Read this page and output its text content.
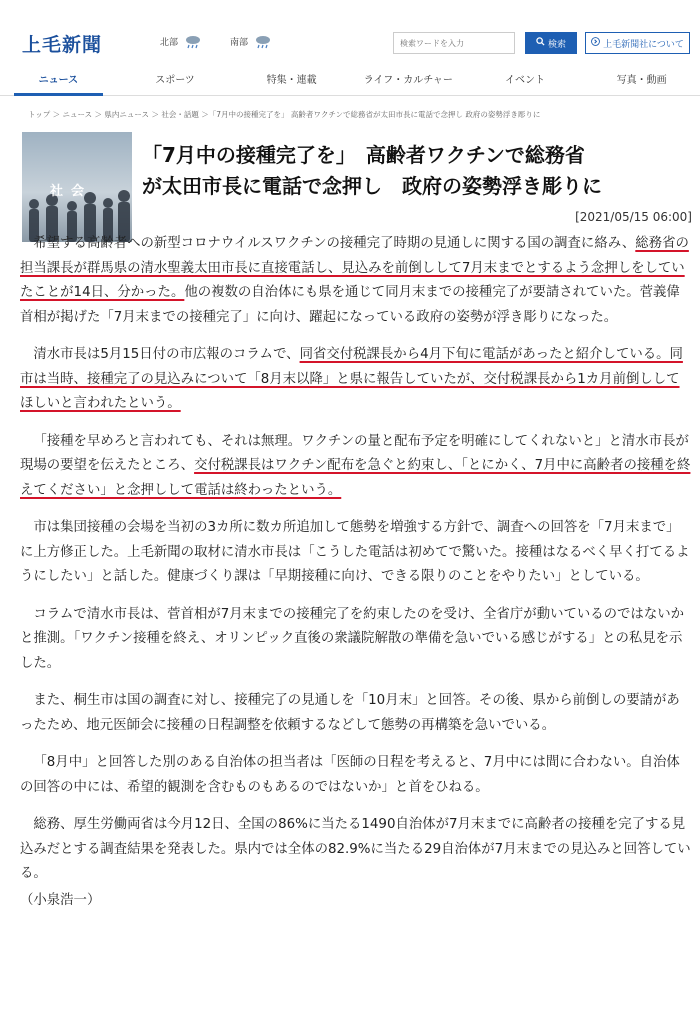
上毛新聞	北部	南部
検索ワードを入力	検索	上毛新聞社について
ニュース	スポーツ	特集・連載	ライフ・カルチャー	イベント	写真・動画
トップ ＞ ニュース ＞ 県内ニュース ＞ 社会・話題 ＞「7月中の接種完了を」 高齢者ワクチンで総務省が太田市長に電話で念押し 政府の姿勢浮き彫りに
社会
「7月中の接種完了を」　高齢者ワクチンで総務省
が太田市長に電話で念押し　政府の姿勢浮き彫りに
[2021/05/15 06:00]

希望する高齢者への新型コロナウイルスワクチンの接種完了時期の見通しに関する国の調査に絡み、総務省の担当課長が群馬県の清水聖義太田市長に直接電話し、見込みを前倒しして7月末までとするよう念押しをしていたことが14日、分かった。他の複数の自治体にも県を通じて同月末までの接種完了が要請されていた。菅義偉首相が掲げた「7月末までの接種完了」に向け、躍起になっている政府の姿勢が浮き彫りになった。

清水市長は5月15日付の市広報のコラムで、同省交付税課長から4月下旬に電話があったと紹介している。同市は当時、接種完了の見込みについて「8月末以降」と県に報告していたが、交付税課長から1カ月前倒ししてほしいと言われたという。

「接種を早めろと言われても、それは無理。ワクチンの量と配布予定を明確にしてくれないと」と清水市長が現場の要望を伝えたところ、交付税課長はワクチン配布を急ぐと約束し、「とにかく、7月中に高齢者の接種を終えてください」と念押しして電話は終わったという。

市は集団接種の会場を当初の3カ所に数カ所追加して態勢を増強する方針で、調査への回答を「7月末まで」に上方修正した。上毛新聞の取材に清水市長は「こうした電話は初めてで驚いた。接種はなるべく早く打てるようにしたい」と話した。健康づくり課は「早期接種に向け、できる限りのことをやりたい」としている。

コラムで清水市長は、菅首相が7月末までの接種完了を約束したのを受け、全省庁が動いているのではないかと推測。「ワクチン接種を終え、オリンピック直後の衆議院解散の準備を急いでいる感じがする」との私見を示した。

また、桐生市は国の調査に対し、接種完了の見通しを「10月末」と回答。その後、県から前倒しの要請があったため、地元医師会に接種の日程調整を依頼するなどして態勢の再構築を急いでいる。

「8月中」と回答した別のある自治体の担当者は「医師の日程を考えると、7月中には間に合わない。自治体の回答の中には、希望的観測を含むものもあるのではないか」と首をひねる。

総務、厚生労働両省は今月12日、全国の86%に当たる1490自治体が7月末までに高齢者の接種を完了する見込みだとする調査結果を発表した。県内では全体の82.9%に当たる29自治体が7月末までの見込みと回答している。

（小泉浩一）
